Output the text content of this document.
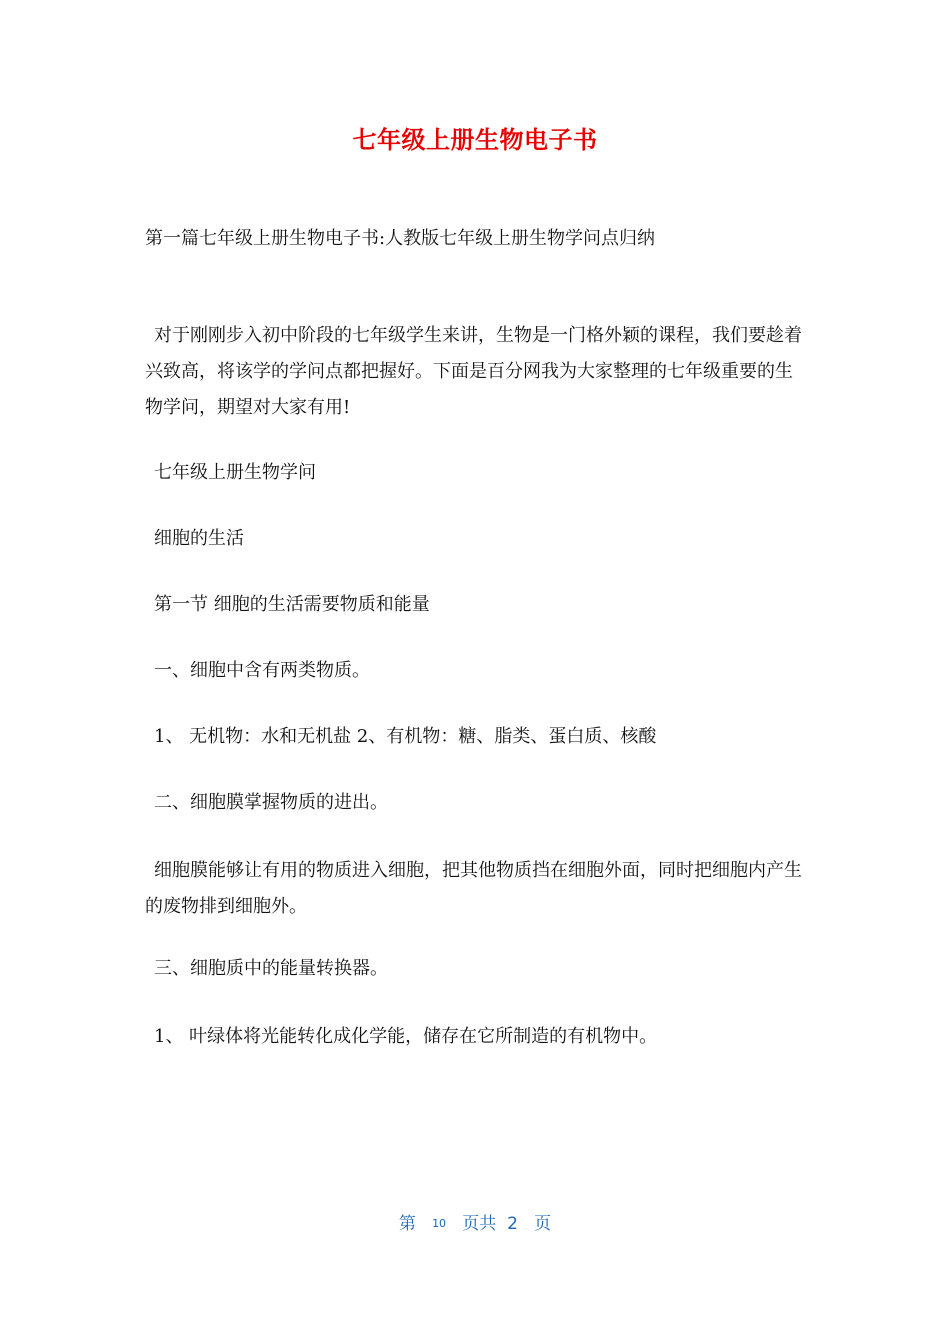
七年级上册生物电子书
第一篇七年级上册生物电子书:人教版七年级上册生物学问点归纳
对于刚刚步入初中阶段的七年级学生来讲，生物是一门格外颖的课程，我们要趁着兴致高，将该学的学问点都把握好。下面是百分网我为大家整理的七年级重要的生物学问，期望对大家有用!
七年级上册生物学问
细胞的生活
第一节 细胞的生活需要物质和能量
一、细胞中含有两类物质。
1、 无机物：水和无机盐 2、有机物：糖、脂类、蛋白质、核酸
二、细胞膜掌握物质的进出。
细胞膜能够让有用的物质进入细胞，把其他物质挡在细胞外面，同时把细胞内产生的废物排到细胞外。
三、细胞质中的能量转换器。
1、 叶绿体将光能转化成化学能，储存在它所制造的有机物中。
第 10 页共 2 页
